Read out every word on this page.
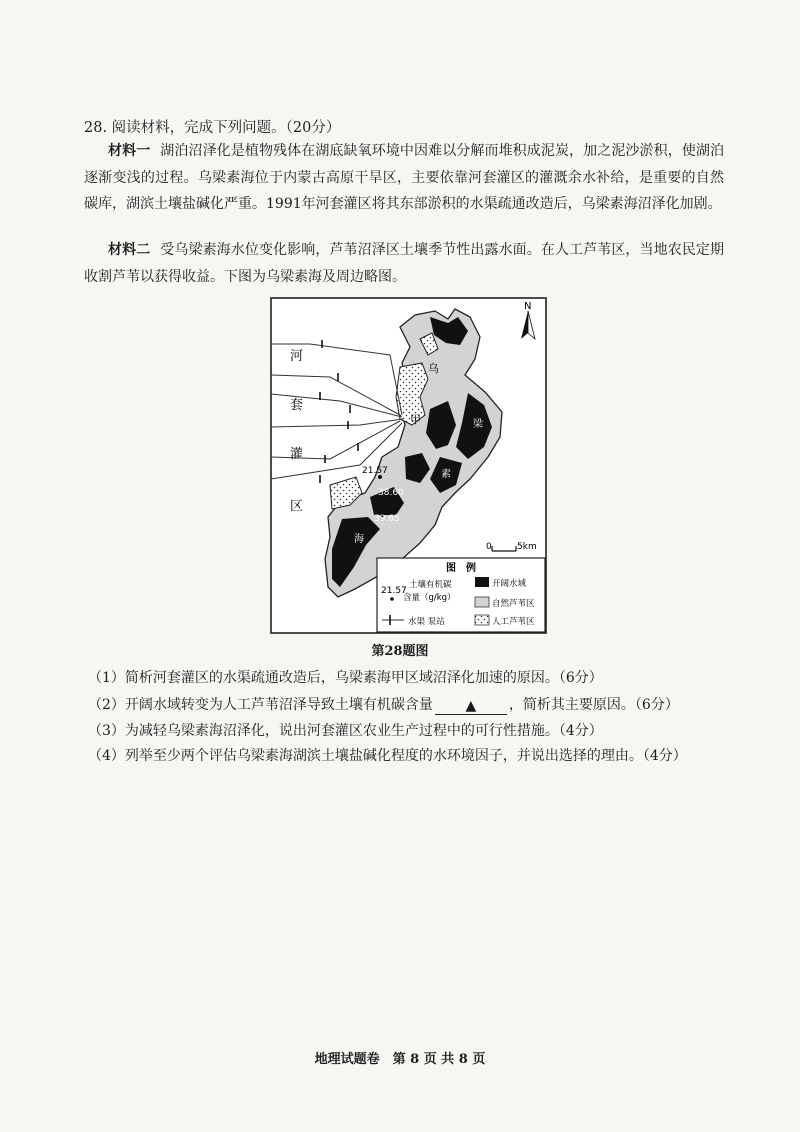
28. 阅读材料，完成下列问题。（20分）
材料一 湖泊沼泽化是植物残体在湖底缺氧环境中因难以分解而堆积成泥炭，加之泥沙淤积，使湖泊逐渐变浅的过程。乌梁素海位于内蒙古高原干旱区，主要依靠河套灌区的灌溉余水补给，是重要的自然碳库，湖滨土壤盐碱化严重。1991年河套灌区将其东部淤积的水渠疏通改造后，乌梁素海沼泽化加剧。
材料二 受乌梁素海水位变化影响，芦苇沼泽区土壤季节性出露水面。在人工芦苇区，当地农民定期收割芦苇以获得收益。下图为乌梁素海及周边略图。
河
套
灌
区
乌
甲	梁
素
海
21.57
38.60
39.65
N
0	5km
图　例
21.57
土壤有机碳
含量（g/kg）
水渠 泵站
开阔水域
自然芦苇区
人工芦苇区
第28题图
（1）简析河套灌区的水渠疏通改造后，乌梁素海甲区域沼泽化加速的原因。（6分）
（2）开阔水域转变为人工芦苇沼泽导致土壤有机碳含量 ▲ ，简析其主要原因。（6分）
（3）为减轻乌梁素海沼泽化，说出河套灌区农业生产过程中的可行性措施。（4分）
（4）列举至少两个评估乌梁素海湖滨土壤盐碱化程度的水环境因子，并说出选择的理由。（4分）
地理试题卷　第 8 页 共 8 页
